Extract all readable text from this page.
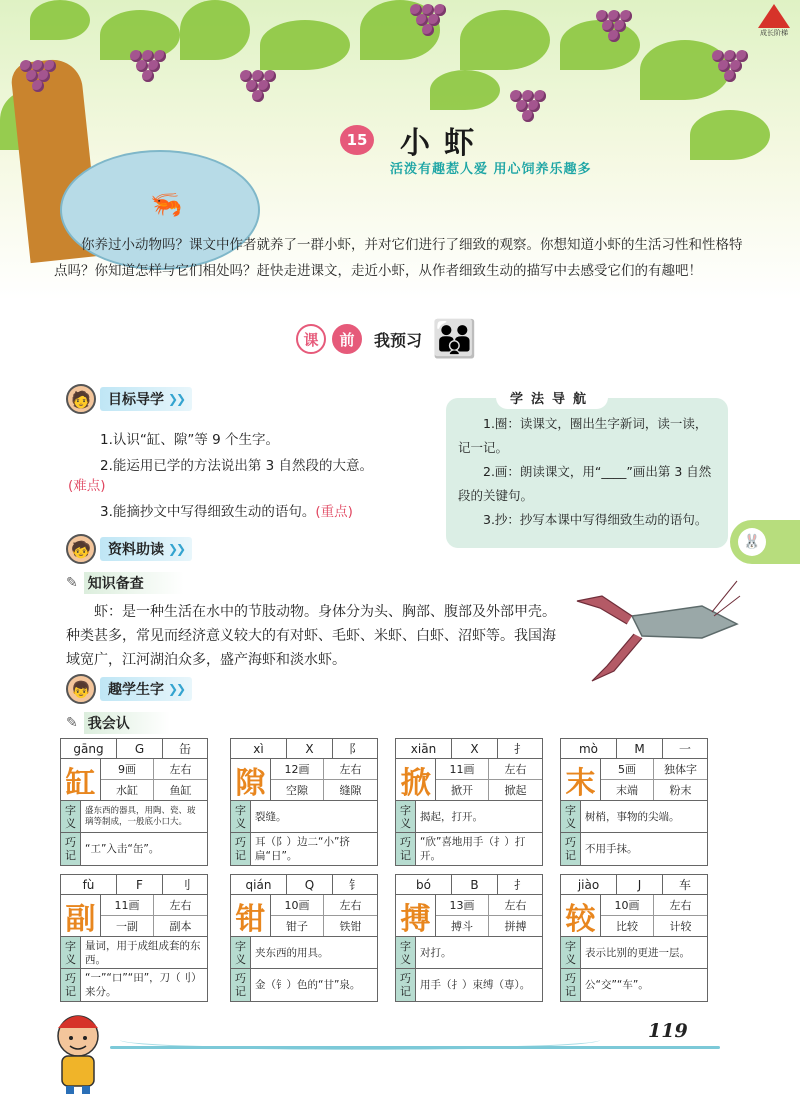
🦐
成长阶梯
15 小虾
活泼有趣惹人爱 用心饲养乐趣多

你养过小动物吗？课文中作者就养了一群小虾，并对它们进行了细致的观察。你想知道小虾的生活习性和性格特点吗？你知道怎样与它们相处吗？赶快走进课文，走近小虾，从作者细致生动的描写中去感受它们的有趣吧！

课	前	我预习 👪
🧑	目标导学 ❯❯
1.认识“缸、隙”等 9 个生字。
2.能运用已学的方法说出第 3 自然段的大意。
(难点)
3.能摘抄文中写得细致生动的语句。(重点)

1.圈：读课文，圈出生字新词，读一读，记一记。

2.画：朗读课文，用“____”画出第 3 自然段的关键句。

3.抄：抄写本课中写得细致生动的语句。

学法导航
🐰
🧒	资料助读 ❯❯
✎ 知识备查

虾：是一种生活在水中的节肢动物。身体分为头、胸部、腹部及外部甲壳。种类甚多，常见而经济意义较大的有对虾、毛虾、米虾、白虾、沼虾等。我国海域宽广，江河湖泊众多，盛产海虾和淡水虾。

👦	趣学生字 ❯❯
✎ 我会认
gāng	G	缶
缸	9画	左右
水缸	鱼缸
字义
盛东西的器具，用陶、瓷、玻璃等制成，一般底小口大。
巧记 “工”入击“缶”。
xì	X	阝
隙	12画	左右
空隙	缝隙
字义 裂缝。
巧记
耳（阝）边二“小”挤扁“日”。
xiān	X	扌
掀	11画	左右
掀开	掀起
字义 揭起，打开。
巧记
“欣”喜地用手（扌）打开。
mò	M	一
末	5画	独体字
末端	粉末
字义 树梢，事物的尖端。
巧记 不用手抹。
fù	F	刂
副	11画	左右
一副	副本
字义
量词，用于成组成套的东西。
巧记
“一”“口”“田”，刀（刂）来分。
qián	Q	钅
钳	10画	左右
钳子	铁钳
字义 夹东西的用具。
巧记 金（钅）色的“甘”泉。
bó	B	扌
搏	13画	左右
搏斗	拼搏
字义 对打。
巧记 用手（扌）束缚（専）。
jiào	J	车
较	10画	左右
比较	计较
字义 表示比别的更进一层。
巧记 公“交”“车”。
119
